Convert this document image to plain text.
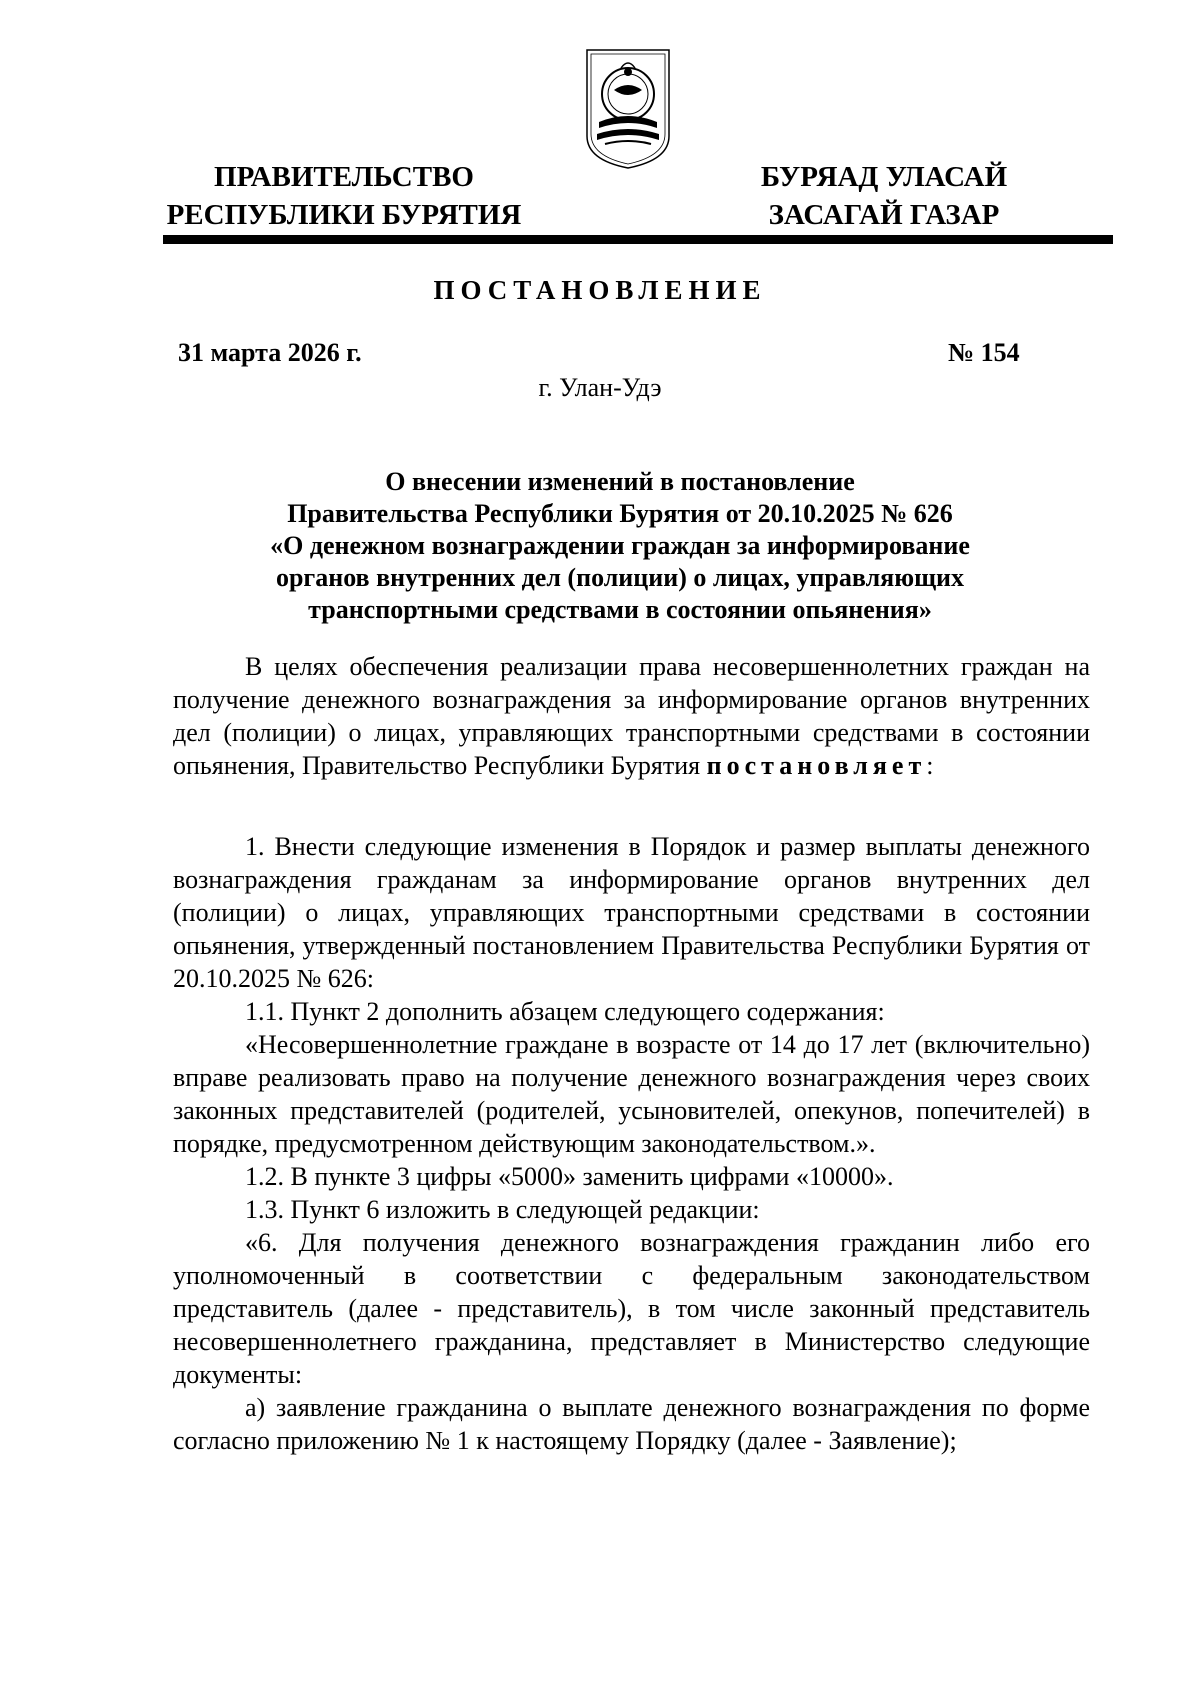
ПРАВИТЕЛЬСТВО
РЕСПУБЛИКИ БУРЯТИЯ
БУРЯАД УЛАСАЙ
ЗАСАГАЙ ГАЗАР
ПОСТАНОВЛЕНИЕ
31 марта 2026 г.	№ 154
г. Улан-Удэ
О внесении изменений в постановление
Правительства Республики Бурятия от 20.10.2025 № 626
«О денежном вознаграждении граждан за информирование
органов внутренних дел (полиции) о лицах, управляющих
транспортными средствами в состоянии опьянения»

В целях обеспечения реализации права несовершеннолетних граждан на получение денежного вознаграждения за информирование органов внутренних дел (полиции) о лицах, управляющих транспортными средствами в состоянии опьянения, Правительство Республики Бурятия постановляет:

1. Внести следующие изменения в Порядок и размер выплаты денежного вознаграждения гражданам за информирование органов внутренних дел (полиции) о лицах, управляющих транспортными средствами в состоянии опьянения, утвержденный постановлением Правительства Республики Бурятия от 20.10.2025 № 626:

1.1. Пункт 2 дополнить абзацем следующего содержания:

«Несовершеннолетние граждане в возрасте от 14 до 17 лет (включительно) вправе реализовать право на получение денежного вознаграждения через своих законных представителей (родителей, усыновителей, опекунов, попечителей) в порядке, предусмотренном действующим законодательством.».

1.2. В пункте 3 цифры «5000» заменить цифрами «10000».

1.3. Пункт 6 изложить в следующей редакции:

«6. Для получения денежного вознаграждения гражданин либо его уполномоченный в соответствии с федеральным законодательством представитель (далее - представитель), в том числе законный представитель несовершеннолетнего гражданина, представляет в Министерство следующие документы:

а) заявление гражданина о выплате денежного вознаграждения по форме согласно приложению № 1 к настоящему Порядку (далее - Заявление);
